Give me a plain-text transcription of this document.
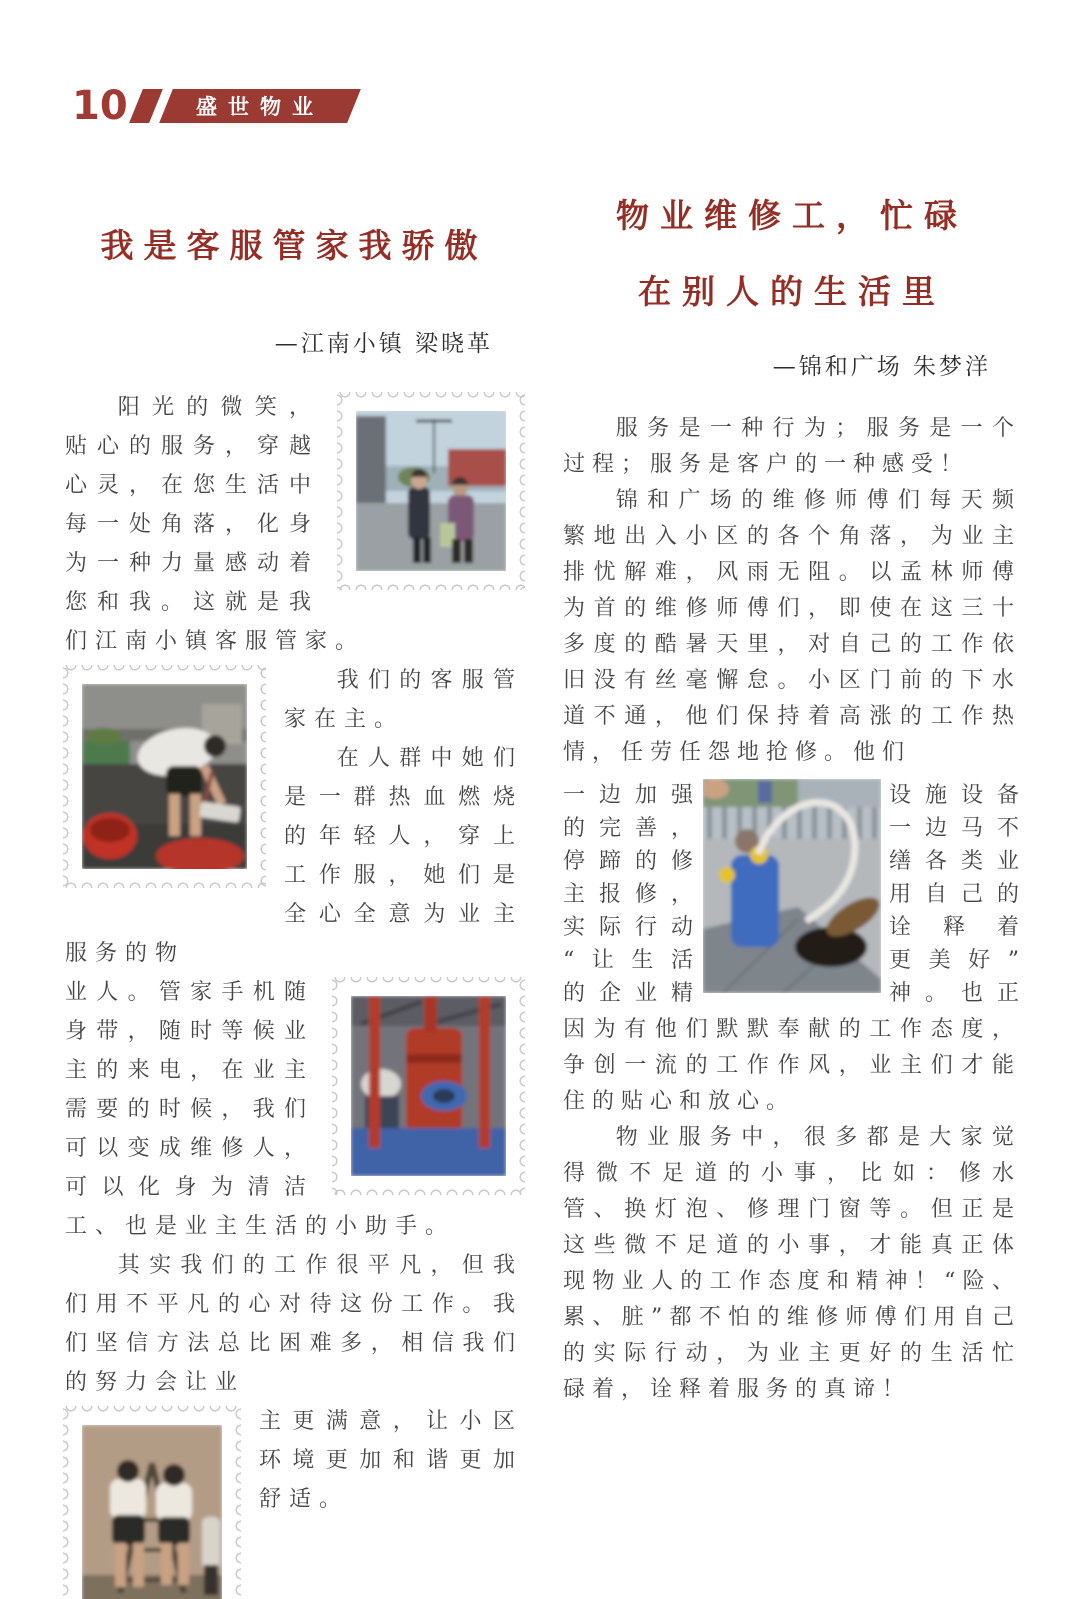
10	盛世物业
我是客服管家我骄傲
—江南小镇 梁晓革

阳光的微笑，贴心的服务，穿越心灵，在您生活中每一处角落，化身为一种力量感动着您和我。这就是我们江南小镇客服管家。

我们的客服管家在主。

在人群中她们是一群热血燃烧的年轻人，穿上工作服，她们是全心全意为业主服务的物

业人。管家手机随身带，随时等候业主的来电，在业主需要的时候，我们可以变成维修人，可以化身为清洁工、也是业主生活的小助手。

其实我们的工作很平凡，但我们用不平凡的心对待这份工作。我们坚信方法总比困难多，相信我们的努力会让业

主更满意，让小区环境更加和谐更加舒适。

物业维修工，忙碌
在别人的生活里
—锦和广场 朱梦洋

服务是一种行为；服务是一个过程；服务是客户的一种感受！

锦和广场的维修师傅们每天频繁地出入小区的各个角落，为业主排忧解难，风雨无阻。以孟林师傅为首的维修师傅们，即使在这三十多度的酷暑天里，对自己的工作依旧没有丝毫懈怠。小区门前的下水道不通，他们保持着高涨的工作热情，任劳任怨地抢修。他们

一边加强
的完善，
停蹄的修
主报修，
实际行动
“让生活
的企业精
设施设备
一边马不
缮各类业
用自己的
诠释着
更美好”
神。也正

因为有他们默默奉献的工作态度，争创一流的工作作风，业主们才能住的贴心和放心。

物业服务中，很多都是大家觉得微不足道的小事，比如：修水管、换灯泡、修理门窗等。但正是这些微不足道的小事，才能真正体现物业人的工作态度和精神！“险、累、脏”都不怕的维修师傅们用自己的实际行动，为业主更好的生活忙碌着，诠释着服务的真谛！
